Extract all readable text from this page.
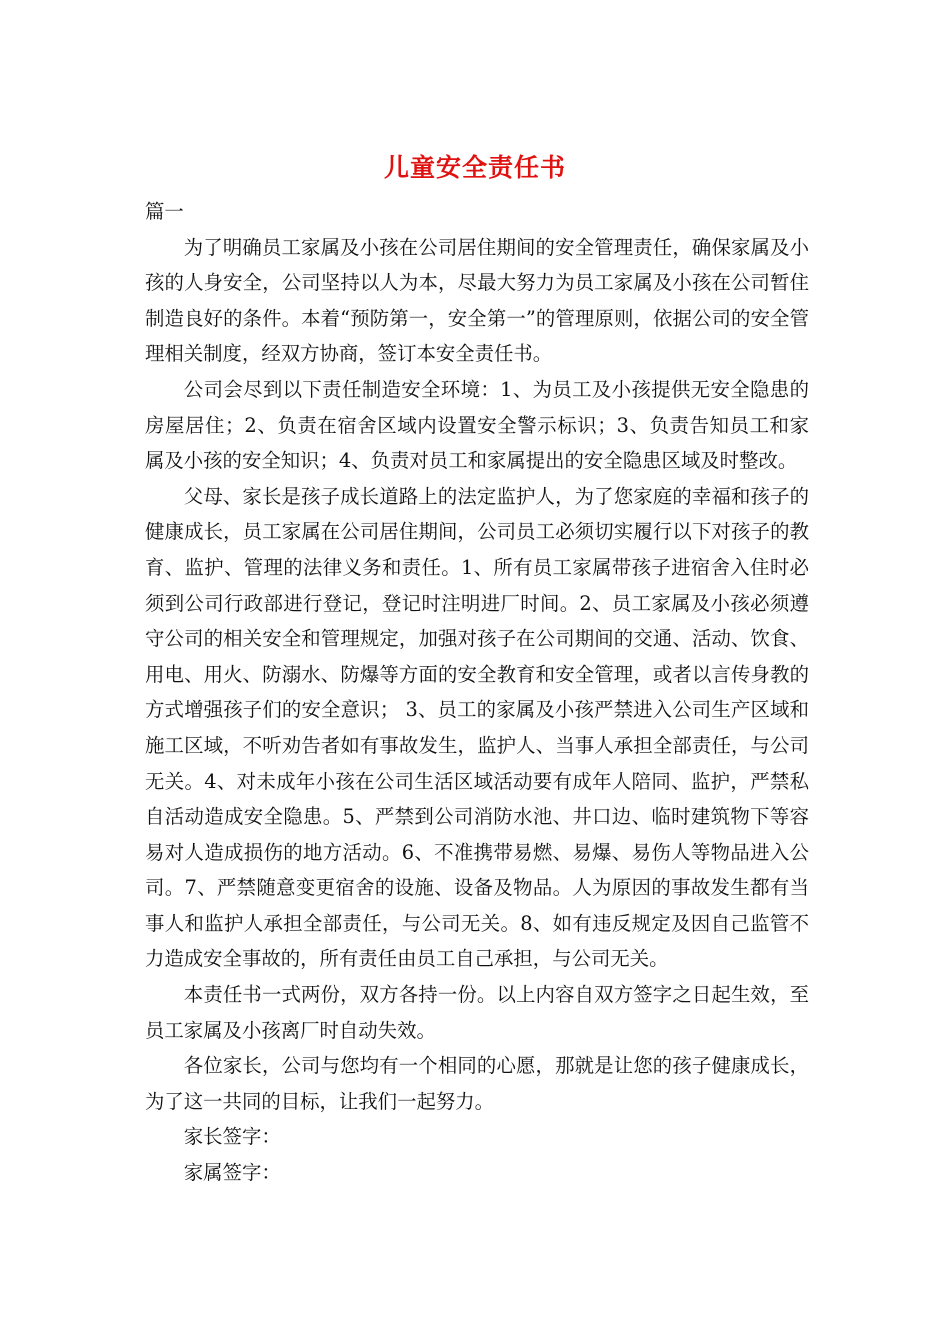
儿童安全责任书

篇一

为了明确员工家属及小孩在公司居住期间的安全管理责任，确保家属及小孩的人身安全，公司坚持以人为本，尽最大努力为员工家属及小孩在公司暂住制造良好的条件。本着“预防第一，安全第一”的管理原则，依据公司的安全管理相关制度，经双方协商，签订本安全责任书。

公司会尽到以下责任制造安全环境：1、为员工及小孩提供无安全隐患的房屋居住；2、负责在宿舍区域内设置安全警示标识；3、负责告知员工和家属及小孩的安全知识；4、负责对员工和家属提出的安全隐患区域及时整改。

父母、家长是孩子成长道路上的法定监护人，为了您家庭的幸福和孩子的健康成长，员工家属在公司居住期间，公司员工必须切实履行以下对孩子的教育、监护、管理的法律义务和责任。1、所有员工家属带孩子进宿舍入住时必须到公司行政部进行登记，登记时注明进厂时间。2、员工家属及小孩必须遵守公司的相关安全和管理规定，加强对孩子在公司期间的交通、活动、饮食、用电、用火、防溺水、防爆等方面的安全教育和安全管理，或者以言传身教的方式增强孩子们的安全意识； 3、员工的家属及小孩严禁进入公司生产区域和施工区域，不听劝告者如有事故发生，监护人、当事人承担全部责任，与公司无关。4、对未成年小孩在公司生活区域活动要有成年人陪同、监护，严禁私自活动造成安全隐患。5、严禁到公司消防水池、井口边、临时建筑物下等容易对人造成损伤的地方活动。6、不准携带易燃、易爆、易伤人等物品进入公司。7、严禁随意变更宿舍的设施、设备及物品。人为原因的事故发生都有当事人和监护人承担全部责任，与公司无关。8、如有违反规定及因自己监管不力造成安全事故的，所有责任由员工自己承担，与公司无关。

本责任书一式两份，双方各持一份。以上内容自双方签字之日起生效，至员工家属及小孩离厂时自动失效。

各位家长，公司与您均有一个相同的心愿，那就是让您的孩子健康成长，为了这一共同的目标，让我们一起努力。

家长签字：

家属签字：
